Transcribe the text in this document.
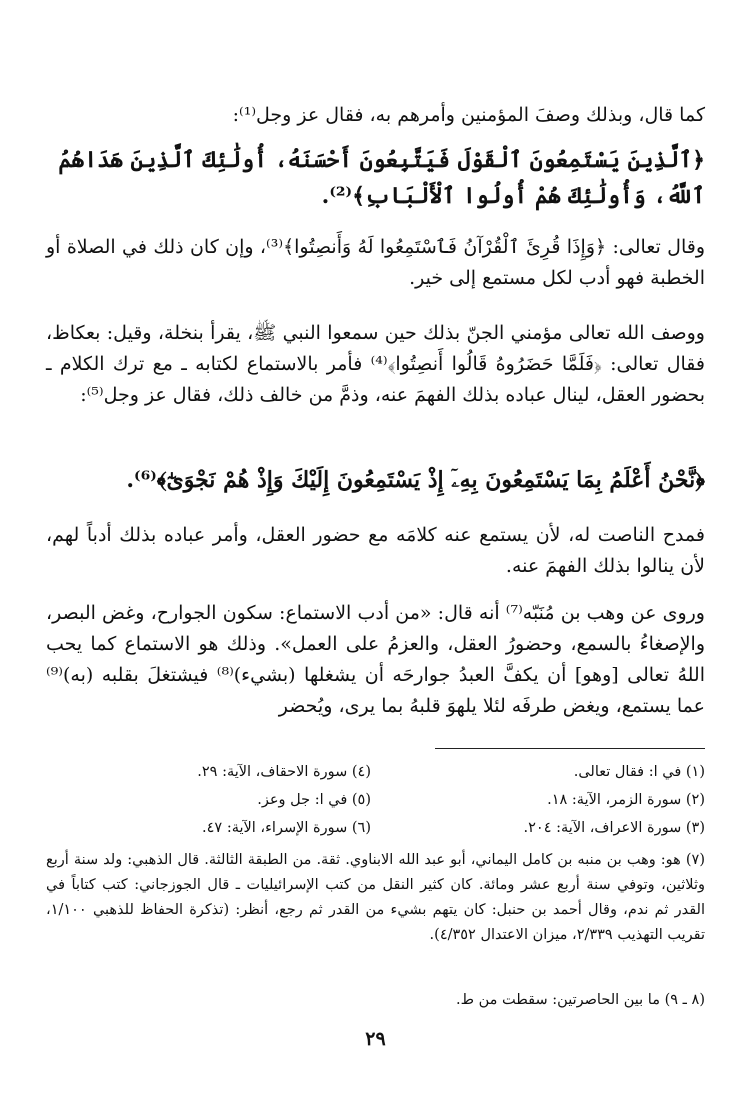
كما قال، وبذلك وصفَ المؤمنين وأمرهم به، فقال عز وجل⁽¹⁾:

﴿ٱلَّذِينَ يَسْتَمِعُونَ ٱلْقَوْلَ فَيَتَّبِعُونَ أَحْسَنَهُ، أُولَٰئِكَ ٱلَّذِينَ هَدَاهُمُ ٱللَّهُ، وَأُولَٰئِكَ هُمْ أُولُوا ٱلْأَلْبَابِ﴾⁽²⁾.

وقال تعالى: ﴿وَإِذَا قُرِئَ ٱلْقُرْآنُ فَٱسْتَمِعُوا لَهُ وَأَنصِتُوا﴾⁽³⁾، وإن كان ذلك في الصلاة أو الخطبة فهو أدب لكل مستمع إلى خير.

ووصف الله تعالى مؤمني الجنّ بذلك حين سمعوا النبي ﷺ، يقرأ بنخلة، وقيل: بعكاظ، فقال تعالى: ﴿فَلَمَّا حَضَرُوهُ قَالُوا أَنصِتُوا﴾⁽⁴⁾ فأمر بالاستماع لكتابه ـ مع ترك الكلام ـ بحضور العقل، لينال عباده بذلك الفهمَ عنه، وذمَّ من خالف ذلك، فقال عز وجل⁽⁵⁾:

﴿نَّحْنُ أَعْلَمُ بِمَا يَسْتَمِعُونَ بِهِۦٓ إِذْ يَسْتَمِعُونَ إِلَيْكَ وَإِذْ هُمْ نَجْوَىٰٓ﴾⁽⁶⁾.

فمدح الناصت له، لأن يستمع عنه كلامَه مع حضور العقل، وأمر عباده بذلك أدباً لهم، لأن ينالوا بذلك الفهمَ عنه.

وروى عن وهب بن مُنَبّه⁽⁷⁾ أنه قال: «من أدب الاستماع: سكون الجوارح، وغض البصر، والإصغاءُ بالسمع، وحضورُ العقل، والعزمُ على العمل». وذلك هو الاستماع كما يحب اللهُ تعالى [وهو] أن يكفَّ العبدُ جوارحَه أن يشغلها (بشيء)⁽⁸⁾ فيشتغلَ بقلبه (به)⁽⁹⁾ عما يستمع، ويغض طرفَه لئلا يلهوَ قلبهُ بما يرى، ويُحضر

(١) في ا: فقال تعالى.
(٤) سورة الاحقاف، الآية: ٢٩.
(٢) سورة الزمر، الآية: ١٨.
(٥) في ا: جل وعز.
(٣) سورة الاعراف، الآية: ٢٠٤.
(٦) سورة الإسراء، الآية: ٤٧.

(٧) هو: وهب بن منبه بن كامل اليماني، أبو عبد الله الابناوي. ثقة. من الطبقة الثالثة. قال الذهبي: ولد سنة أربع وثلاثين، وتوفي سنة أربع عشر ومائة. كان كثير النقل من كتب الإسرائيليات ـ قال الجوزجاني: كتب كتاباً في القدر ثم ندم، وقال أحمد بن حنبل: كان يتهم بشيء من القدر ثم رجع، أنظر: (تذكرة الحفاظ للذهبي ١/١٠٠، تقريب التهذيب ٢/٣٣٩، ميزان الاعتدال ٤/٣٥٢).

(٨ ـ ٩) ما بين الحاصرتين: سقطت من ط.
٢٩
